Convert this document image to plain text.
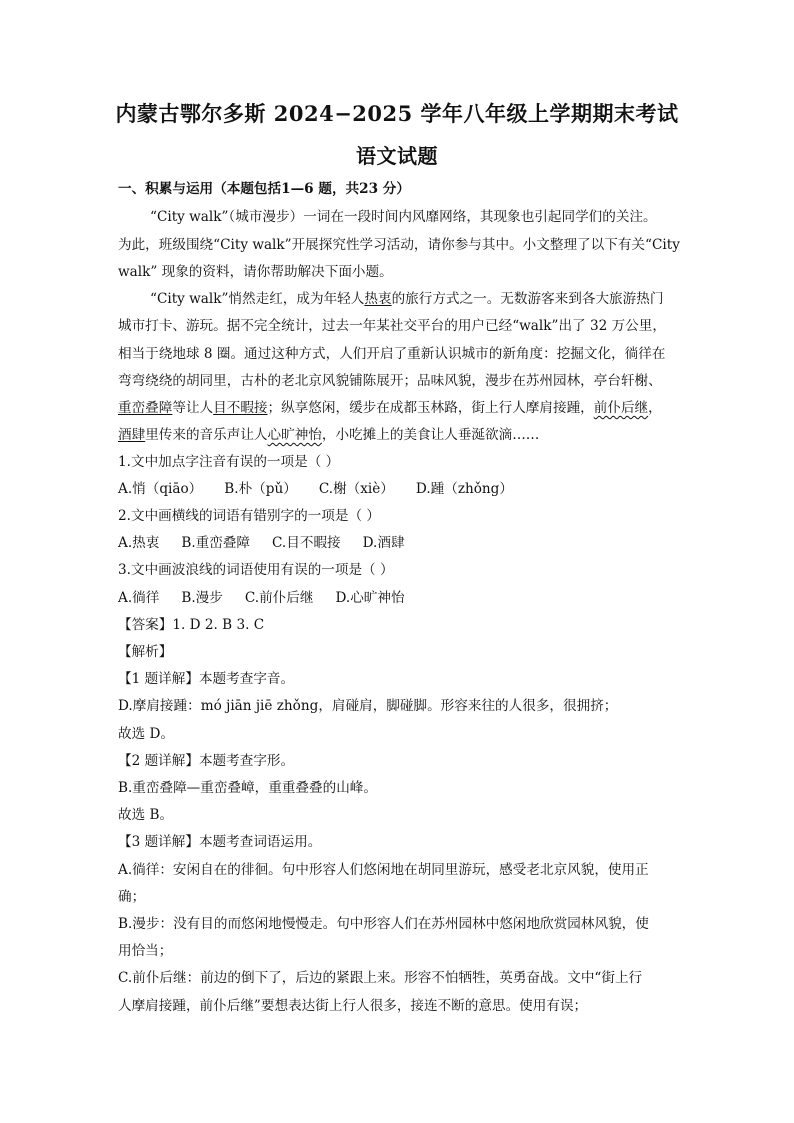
内蒙古鄂尔多斯 2024−2025 学年八年级上学期期末考试
语文试题
一、积累与运用（本题包括1—6 题，共23 分）
“City walk”（城市漫步）一词在一段时间内风靡网络，其现象也引起同学们的关注。
为此，班级围绕“City walk”开展探究性学习活动，请你参与其中。小文整理了以下有关“City
walk” 现象的资料，请你帮助解决下面小题。
“City walk”悄然走红，成为年轻人热衷的旅行方式之一。无数游客来到各大旅游热门
城市打卡、游玩。据不完全统计，过去一年某社交平台的用户已经“walk”出了 32 万公里，
相当于绕地球 8 圈。通过这种方式，人们开启了重新认识城市的新角度：挖掘文化，徜徉在
弯弯绕绕的胡同里，古朴的老北京风貌铺陈展开；品味风貌，漫步在苏州园林，亭台轩榭、
重峦叠障等让人目不暇接；纵享悠闲，缓步在成都玉林路，街上行人摩肩接踵，前仆后继，
酒肆里传来的音乐声让人心旷神怡，小吃摊上的美食让人垂涎欲滴……
1.文中加点字注音有误的一项是（ ）
A.悄（qiāo） B.朴（pǔ） C.榭（xiè） D.踵（zhǒng）
2.文中画横线的词语有错别字的一项是（ ）
A.热衷 B.重峦叠障 C.目不暇接 D.酒肆
3.文中画波浪线的词语使用有误的一项是（ ）
A.徜徉 B.漫步 C.前仆后继 D.心旷神怡
【答案】1. D 2. B 3. C
【解析】
【1 题详解】本题考查字音。
D.摩肩接踵：mó jiān jiē zhǒng，肩碰肩，脚碰脚。形容来往的人很多，很拥挤；
故选 D。
【2 题详解】本题考查字形。
B.重峦叠障—重峦叠嶂，重重叠叠的山峰。
故选 B。
【3 题详解】本题考查词语运用。
A.徜徉：安闲自在的徘徊。句中形容人们悠闲地在胡同里游玩，感受老北京风貌，使用正
确；
B.漫步：没有目的而悠闲地慢慢走。句中形容人们在苏州园林中悠闲地欣赏园林风貌，使
用恰当；
C.前仆后继：前边的倒下了，后边的紧跟上来。形容不怕牺牲，英勇奋战。文中“街上行
人摩肩接踵，前仆后继”要想表达街上行人很多，接连不断的意思。使用有误；
